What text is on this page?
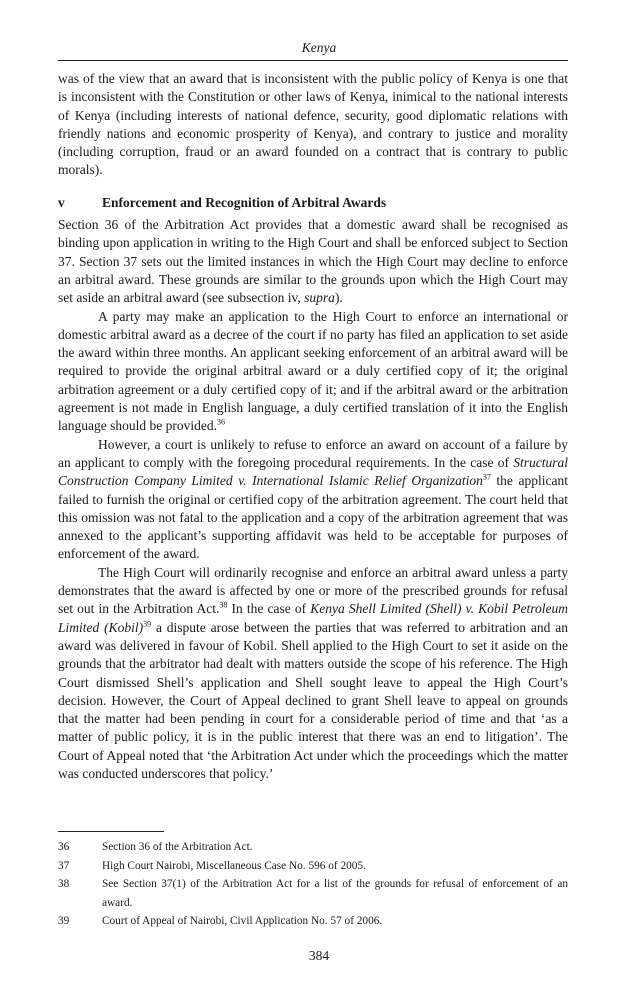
Kenya

was of the view that an award that is inconsistent with the public policy of Kenya is one that is inconsistent with the Constitution or other laws of Kenya, inimical to the national interests of Kenya (including interests of national defence, security, good diplomatic relations with friendly nations and economic prosperity of Kenya), and contrary to justice and morality (including corruption, fraud or an award founded on a contract that is contrary to public morals).

v	Enforcement and Recognition of Arbitral Awards

Section 36 of the Arbitration Act provides that a domestic award shall be recognised as binding upon application in writing to the High Court and shall be enforced subject to Section 37. Section 37 sets out the limited instances in which the High Court may decline to enforce an arbitral award. These grounds are similar to the grounds upon which the High Court may set aside an arbitral award (see subsection iv, supra).

A party may make an application to the High Court to enforce an international or domestic arbitral award as a decree of the court if no party has filed an application to set aside the award within three months. An applicant seeking enforcement of an arbitral award will be required to provide the original arbitral award or a duly certified copy of it; the original arbitration agreement or a duly certified copy of it; and if the arbitral award or the arbitration agreement is not made in English language, a duly certified translation of it into the English language should be provided.$^{36}$

However, a court is unlikely to refuse to enforce an award on account of a failure by an applicant to comply with the foregoing procedural requirements. In the case of Structural Construction Company Limited v. International Islamic Relief Organization$^{37}$ the applicant failed to furnish the original or certified copy of the arbitration agreement. The court held that this omission was not fatal to the application and a copy of the arbitration agreement that was annexed to the applicant’s supporting affidavit was held to be acceptable for purposes of enforcement of the award.

The High Court will ordinarily recognise and enforce an arbitral award unless a party demonstrates that the award is affected by one or more of the prescribed grounds for refusal set out in the Arbitration Act.$^{38}$ In the case of Kenya Shell Limited (Shell) v. Kobil Petroleum Limited (Kobil)$^{39}$ a dispute arose between the parties that was referred to arbitration and an award was delivered in favour of Kobil. Shell applied to the High Court to set it aside on the grounds that the arbitrator had dealt with matters outside the scope of his reference. The High Court dismissed Shell’s application and Shell sought leave to appeal the High Court’s decision. However, the Court of Appeal declined to grant Shell leave to appeal on grounds that the matter had been pending in court for a considerable period of time and that ‘as a matter of public policy, it is in the public interest that there was an end to litigation’. The Court of Appeal noted that ‘the Arbitration Act under which the proceedings which the matter was conducted underscores that policy.’

36	Section 36 of the Arbitration Act.
37	High Court Nairobi, Miscellaneous Case No. 596 of 2005.
38	See Section 37(1) of the Arbitration Act for a list of the grounds for refusal of enforcement of an award.
39	Court of Appeal of Nairobi, Civil Application No. 57 of 2006.
384
